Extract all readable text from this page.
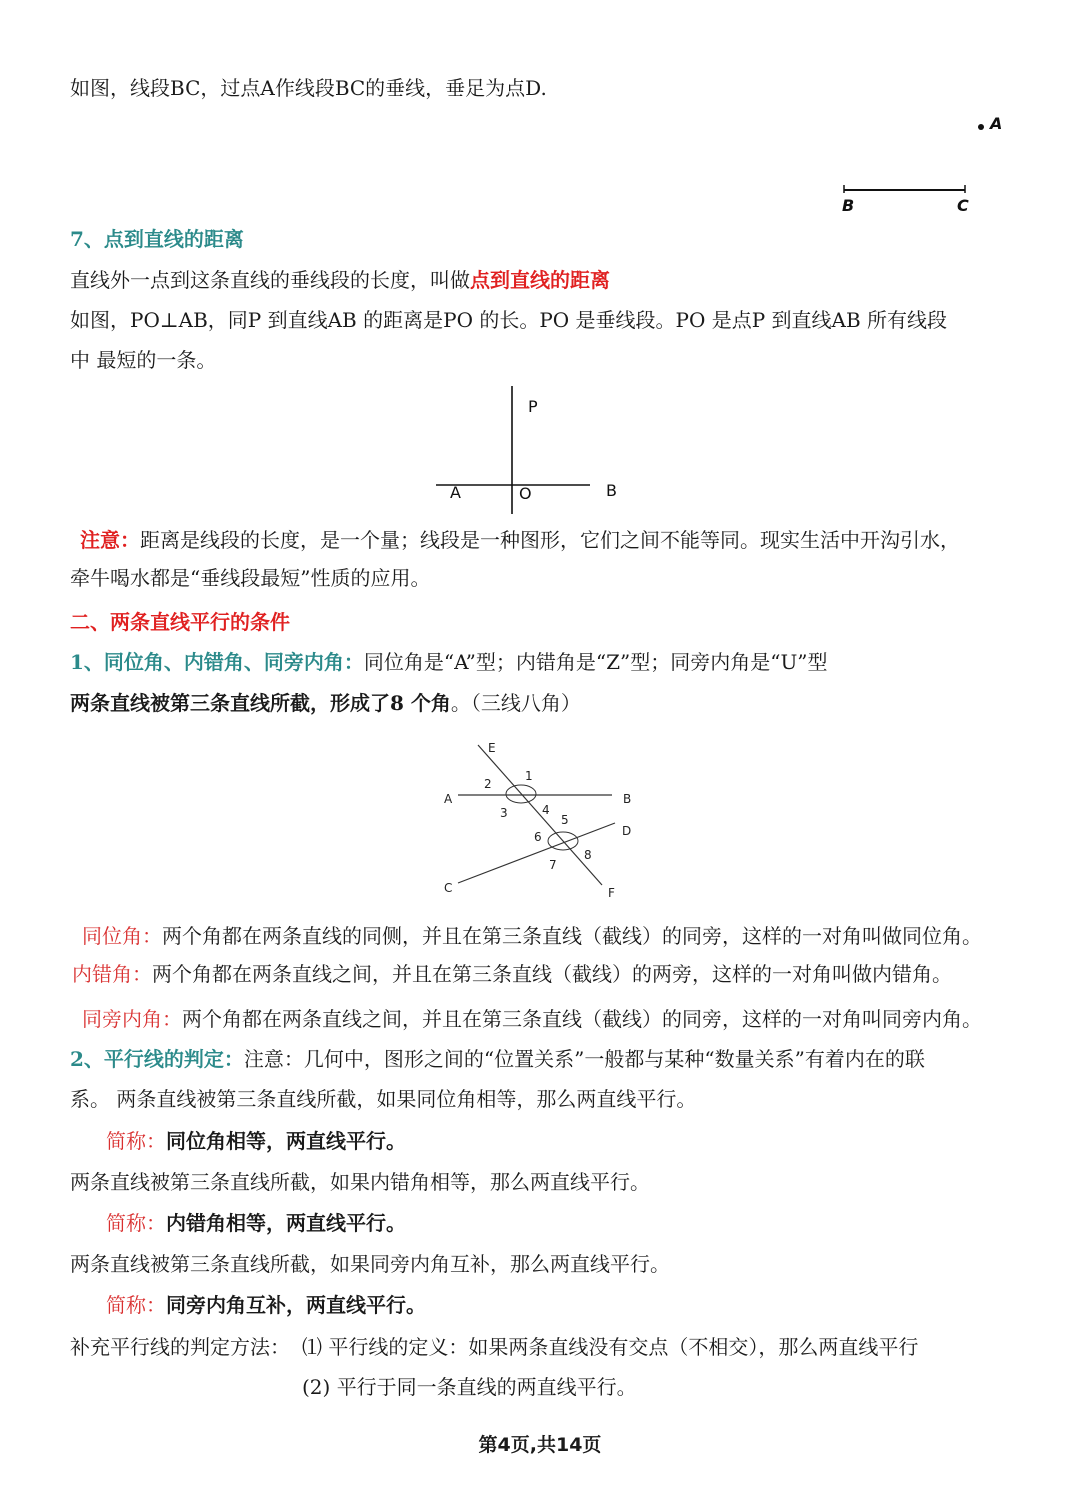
如图，线段BC，过点A作线段BC的垂线，垂足为点D.
A
B	C
7、点到直线的距离
直线外一点到这条直线的垂线段的长度，叫做点到直线的距离
如图，PO⊥AB，同P 到直线AB 的距离是PO 的长。PO 是垂线段。PO 是点P 到直线AB 所有线段
中 最短的一条。
P
A	O	B
注意：距离是线段的长度，是一个量；线段是一种图形，它们之间不能等同。现实生活中开沟引水，
牵牛喝水都是“垂线段最短”性质的应用。
二、两条直线平行的条件
1、同位角、内错角、同旁内角：同位角是“A”型；内错角是“Z”型；同旁内角是“U”型
两条直线被第三条直线所截，形成了8 个角。（三线八角）
E
A	B
C
D
F
1
2
3	4
5
6
7
8
同位角：两个角都在两条直线的同侧，并且在第三条直线（截线）的同旁，这样的一对角叫做同位角。
内错角：两个角都在两条直线之间，并且在第三条直线（截线）的两旁，这样的一对角叫做内错角。
同旁内角：两个角都在两条直线之间，并且在第三条直线（截线）的同旁，这样的一对角叫同旁内角。
2、平行线的判定：注意：几何中，图形之间的“位置关系”一般都与某种“数量关系”有着内在的联
系。 两条直线被第三条直线所截，如果同位角相等，那么两直线平行。
简称：同位角相等，两直线平行。
两条直线被第三条直线所截，如果内错角相等，那么两直线平行。
简称：内错角相等，两直线平行。
两条直线被第三条直线所截，如果同旁内角互补，那么两直线平行。
简称：同旁内角互补，两直线平行。
补充平行线的判定方法： ⑴ 平行线的定义：如果两条直线没有交点（不相交），那么两直线平行
(2) 平行于同一条直线的两直线平行。
第4页,共14页
